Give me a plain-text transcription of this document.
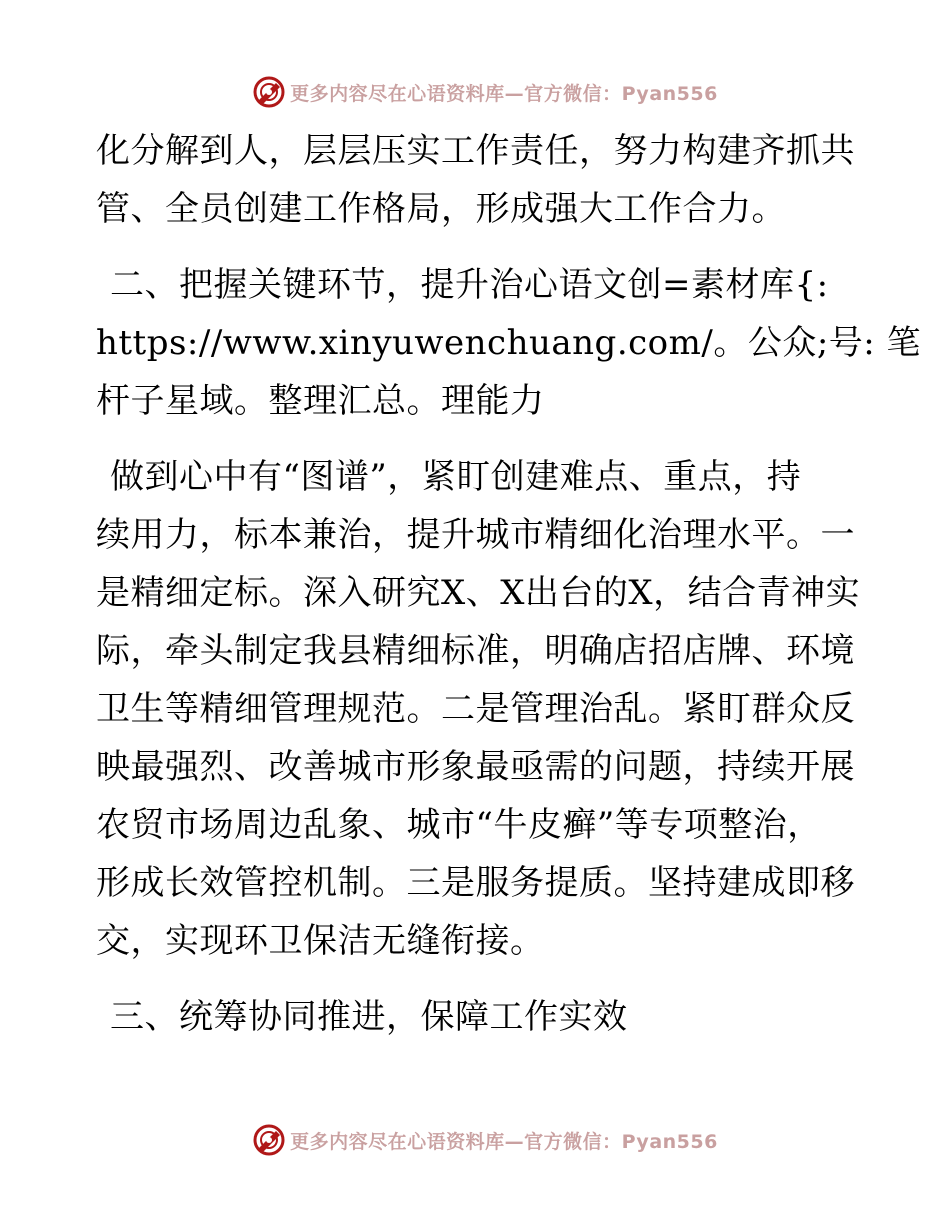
更多内容尽在心语资料库—官方微信：Pyan556
化分解到人，层层压实工作责任，努力构建齐抓共
管、全员创建工作格局，形成强大工作合力。
二、把握关键环节，提升治心语文创=素材库{:
https://www.xinyuwenchuang.com/。公众;号: 笔
杆子星域。整理汇总。理能力
做到心中有“图谱”，紧盯创建难点、重点，持
续用力，标本兼治，提升城市精细化治理水平。一
是精细定标。深入研究X、X出台的X，结合青神实
际，牵头制定我县精细标准，明确店招店牌、环境
卫生等精细管理规范。二是管理治乱。紧盯群众反
映最强烈、改善城市形象最亟需的问题，持续开展
农贸市场周边乱象、城市“牛皮癣”等专项整治，
形成长效管控机制。三是服务提质。坚持建成即移
交，实现环卫保洁无缝衔接。
三、统筹协同推进，保障工作实效
更多内容尽在心语资料库—官方微信：Pyan556
